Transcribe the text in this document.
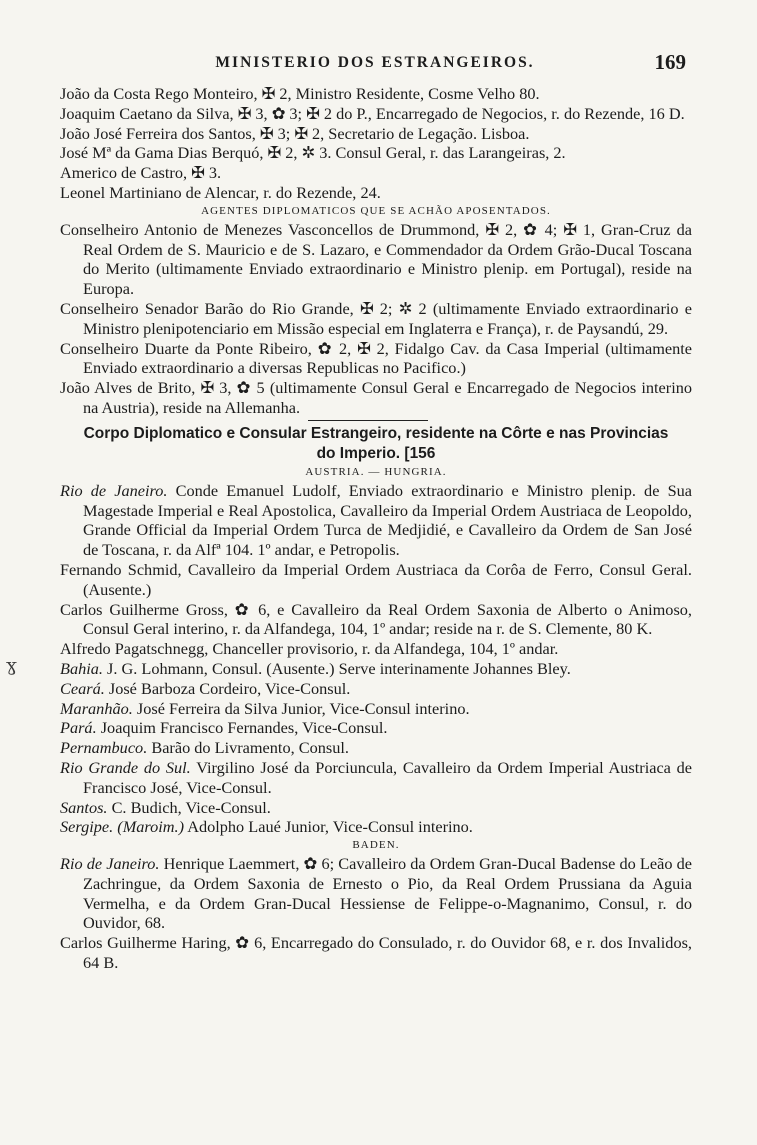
MINISTERIO DOS ESTRANGEIROS.	169
ɣ

João da Costa Rego Monteiro, ✠ 2, Ministro Residente, Cosme Velho 80.

Joaquim Caetano da Silva, ✠ 3, ✿ 3; ✠ 2 do P., Encarregado de Negocios, r. do Rezende, 16 D.

João José Ferreira dos Santos, ✠ 3; ✠ 2, Secretario de Legação. Lisboa.

José Mª da Gama Dias Berquó, ✠ 2, ✲ 3. Consul Geral, r. das Larangeiras, 2.

Americo de Castro, ✠ 3.

Leonel Martiniano de Alencar, r. do Rezende, 24.

AGENTES DIPLOMATICOS QUE SE ACHÃO APOSENTADOS.

Conselheiro Antonio de Menezes Vasconcellos de Drummond, ✠ 2, ✿ 4; ✠ 1, Gran-Cruz da Real Ordem de S. Mauricio e de S. Lazaro, e Commendador da Ordem Grão-Ducal Toscana do Merito (ultimamente Enviado extraordinario e Ministro plenip. em Portugal), reside na Europa.

Conselheiro Senador Barão do Rio Grande, ✠ 2; ✲ 2 (ultimamente Enviado extraordinario e Ministro plenipotenciario em Missão especial em Inglaterra e França), r. de Paysandú, 29.

Conselheiro Duarte da Ponte Ribeiro, ✿ 2, ✠ 2, Fidalgo Cav. da Casa Imperial (ultimamente Enviado extraordinario a diversas Republicas no Pacifico.)

João Alves de Brito, ✠ 3, ✿ 5 (ultimamente Consul Geral e Encarregado de Negocios interino na Austria), reside na Allemanha.

Corpo Diplomatico e Consular Estrangeiro, residente na Côrte e nas Provincias

do Imperio. [156

AUSTRIA. — HUNGRIA.

Rio de Janeiro. Conde Emanuel Ludolf, Enviado extraordinario e Ministro plenip. de Sua Magestade Imperial e Real Apostolica, Cavalleiro da Imperial Ordem Austriaca de Leopoldo, Grande Official da Imperial Ordem Turca de Medjidié, e Cavalleiro da Ordem de San José de Toscana, r. da Alfª 104. 1º andar, e Petropolis.

Fernando Schmid, Cavalleiro da Imperial Ordem Austriaca da Corôa de Ferro, Consul Geral. (Ausente.)

Carlos Guilherme Gross, ✿ 6, e Cavalleiro da Real Ordem Saxonia de Alberto o Animoso, Consul Geral interino, r. da Alfandega, 104, 1º andar; reside na r. de S. Clemente, 80 K.

Alfredo Pagatschnegg, Chanceller provisorio, r. da Alfandega, 104, 1º andar.

Bahia. J. G. Lohmann, Consul. (Ausente.) Serve interinamente Johannes Bley.

Ceará. José Barboza Cordeiro, Vice-Consul.

Maranhão. José Ferreira da Silva Junior, Vice-Consul interino.

Pará. Joaquim Francisco Fernandes, Vice-Consul.

Pernambuco. Barão do Livramento, Consul.

Rio Grande do Sul. Virgilino José da Porciuncula, Cavalleiro da Ordem Imperial Austriaca de Francisco José, Vice-Consul.

Santos. C. Budich, Vice-Consul.

Sergipe. (Maroim.) Adolpho Laué Junior, Vice-Consul interino.

BADEN.

Rio de Janeiro. Henrique Laemmert, ✿ 6; Cavalleiro da Ordem Gran-Ducal Badense do Leão de Zachringue, da Ordem Saxonia de Ernesto o Pio, da Real Ordem Prussiana da Aguia Vermelha, e da Ordem Gran-Ducal Hessiense de Felippe-o-Magnanimo, Consul, r. do Ouvidor, 68.

Carlos Guilherme Haring, ✿ 6, Encarregado do Consulado, r. do Ouvidor 68, e r. dos Invalidos, 64 B.
